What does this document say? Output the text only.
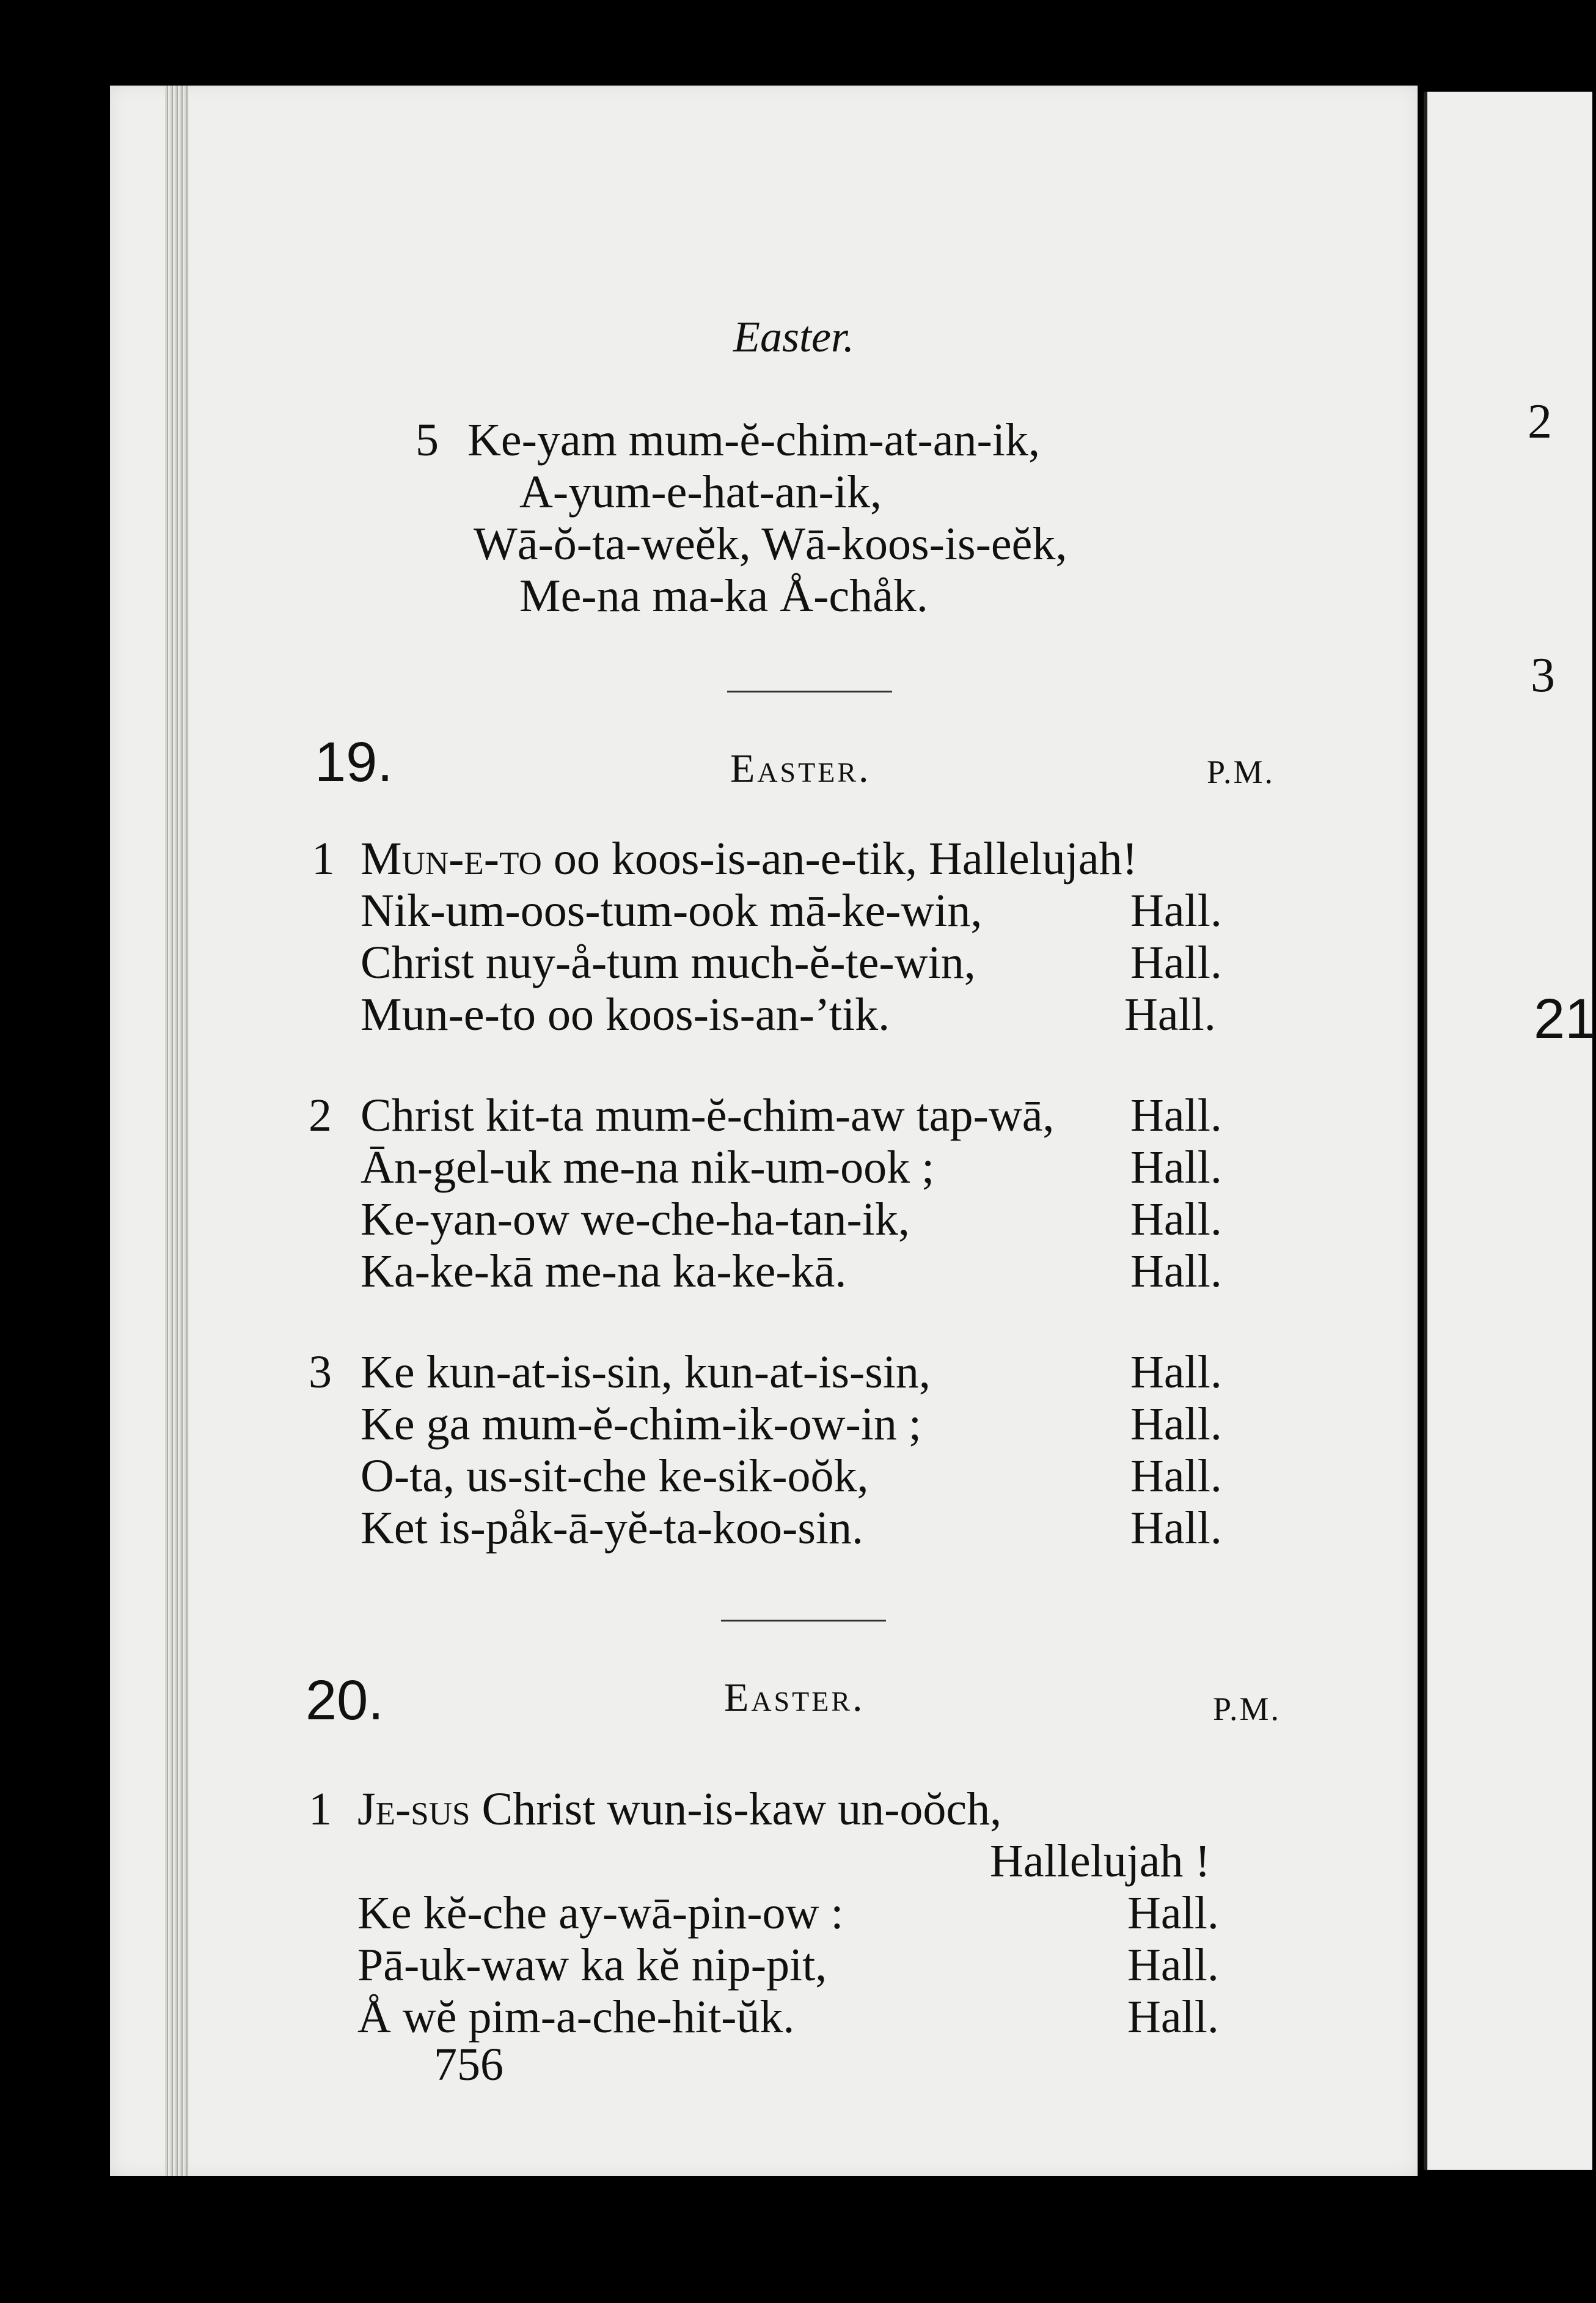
Easter.
5 Ke-yam mum-ĕ-chim-at-an-ik,
A-yum-e-hat-an-ik,
Wā-ŏ-ta-weĕk, Wā-koos-is-eĕk,
Me-na ma-ka Å-chåk.
19.	Easter.	P.M.
1 Mun-e-to oo koos-is-an-e-tik, Hallelujah!
Nik-um-oos-tum-ook mā-ke-win,	Hall.
Christ nuy-å-tum much-ĕ-te-win,	Hall.
Mun-e-to oo koos-is-an-’tik.	Hall.
2 Christ kit-ta mum-ĕ-chim-aw tap-wā, Hall.
Ān-gel-uk me-na nik-um-ook ;	Hall.
Ke-yan-ow we-che-ha-tan-ik,	Hall.
Ka-ke-kā me-na ka-ke-kā.	Hall.
3 Ke kun-at-is-sin, kun-at-is-sin,	Hall.
Ke ga mum-ĕ-chim-ik-ow-in ;	Hall.
O-ta, us-sit-che ke-sik-oŏk,	Hall.
Ket is-påk-ā-yĕ-ta-koo-sin.	Hall.
20.	Easter.	P.M.
1 Je-sus Christ wun-is-kaw un-oŏch,
Hallelujah !
Ke kĕ-che ay-wā-pin-ow :	Hall.
Pā-uk-waw ka kĕ nip-pit,	Hall.
Å wĕ pim-a-che-hit-ŭk.	Hall.
756
2
3
21
